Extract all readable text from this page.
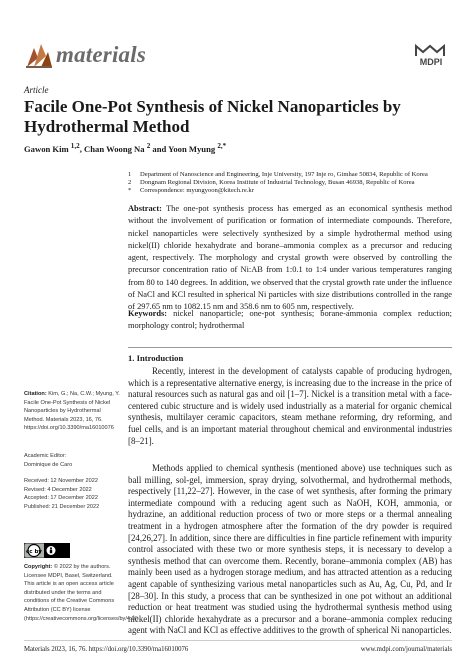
materials	MDPI
Article
Facile One-Pot Synthesis of Nickel Nanoparticles by
Hydrothermal Method
Gawon Kim $^{1,2}$, Chan Woong Na $^2$ and Yoon Myung $^{2,*}$
1 Department of Nanoscience and Engineering, Inje University, 197 Inje ro, Gimhae 50834, Republic of Korea
2 Dongnam Regional Division, Korea Institute of Industrial Technology, Busan 46938, Republic of Korea
* Correspondence: myungyoon@kitech.re.kr
Abstract: The one-pot synthesis process has emerged as an economical synthesis method without the involvement of purification or formation of intermediate compounds. Therefore, nickel nanoparticles were selectively synthesized by a simple hydrothermal method using nickel(II) chloride hexahydrate and borane–ammonia complex as a precursor and reducing agent, respectively. The morphology and crystal growth were observed by controlling the precursor concentration ratio of Ni:AB from 1:0.1 to 1:4 under various temperatures ranging from 80 to 140 degrees. In addition, we observed that the crystal growth rate under the influence of NaCl and KCl resulted in spherical Ni particles with size distributions controlled in the range of 297.65 nm to 1082.15 nm and 358.6 nm to 605 nm, respectively.
Keywords: nickel nanoparticle; one-pot synthesis; borane-ammonia complex reduction; morphology control; hydrothermal
1. Introduction
Recently, interest in the development of catalysts capable of producing hydrogen, which is a representative alternative energy, is increasing due to the increase in the price of natural resources such as natural gas and oil [1–7]. Nickel is a transition metal with a face-centered cubic structure and is widely used industrially as a material for organic chemical synthesis, multilayer ceramic capacitors, steam methane reforming, dry reforming, and fuel cells, and is an important material throughout chemical and environmental industries [8–21].
Methods applied to chemical synthesis (mentioned above) use techniques such as ball milling, sol-gel, immersion, spray drying, solvothermal, and hydrothermal methods, respectively [11,22–27]. However, in the case of wet synthesis, after forming the primary intermediate compound with a reducing agent such as NaOH, KOH, ammonia, or hydrazine, an additional reduction process of two or more steps or a thermal annealing treatment in a hydrogen atmosphere after the formation of the dry powder is required [24,26,27]. In addition, since there are difficulties in fine particle refinement with impurity control associated with these two or more synthesis steps, it is necessary to develop a synthesis method that can overcome them. Recently, borane–ammonia complex (AB) has mainly been used as a hydrogen storage medium, and has attracted attention as a reducing agent capable of synthesizing various metal nanoparticles such as Au, Ag, Cu, Pd, and Ir [28–30]. In this study, a process that can be synthesized in one pot without an additional reduction or heat treatment was studied using the hydrothermal synthesis method using nickel(II) chloride hexahydrate as a precursor and a borane–ammonia complex reducing agent with NaCl and KCl as effective additives to the growth of spherical Ni nanoparticles.
Citation: Kim, G.; Na, C.W.; Myung, Y. Facile One-Pot Synthesis of Nickel Nanoparticles by Hydrothermal Method. Materials 2023, 16, 76. https://doi.org/10.3390/ma16010076
Academic Editor:
Dominique de Caro
Received: 12 November 2022
Revised: 4 December 2022
Accepted: 17 December 2022
Published: 21 December 2022
cc by
Copyright: © 2022 by the authors. Licensee MDPI, Basel, Switzerland. This article is an open access article distributed under the terms and conditions of the Creative Commons Attribution (CC BY) license (https://creativecommons.org/licenses/by/4.0/).
Materials 2023, 16, 76. https://doi.org/10.3390/ma16010076	www.mdpi.com/journal/materials
